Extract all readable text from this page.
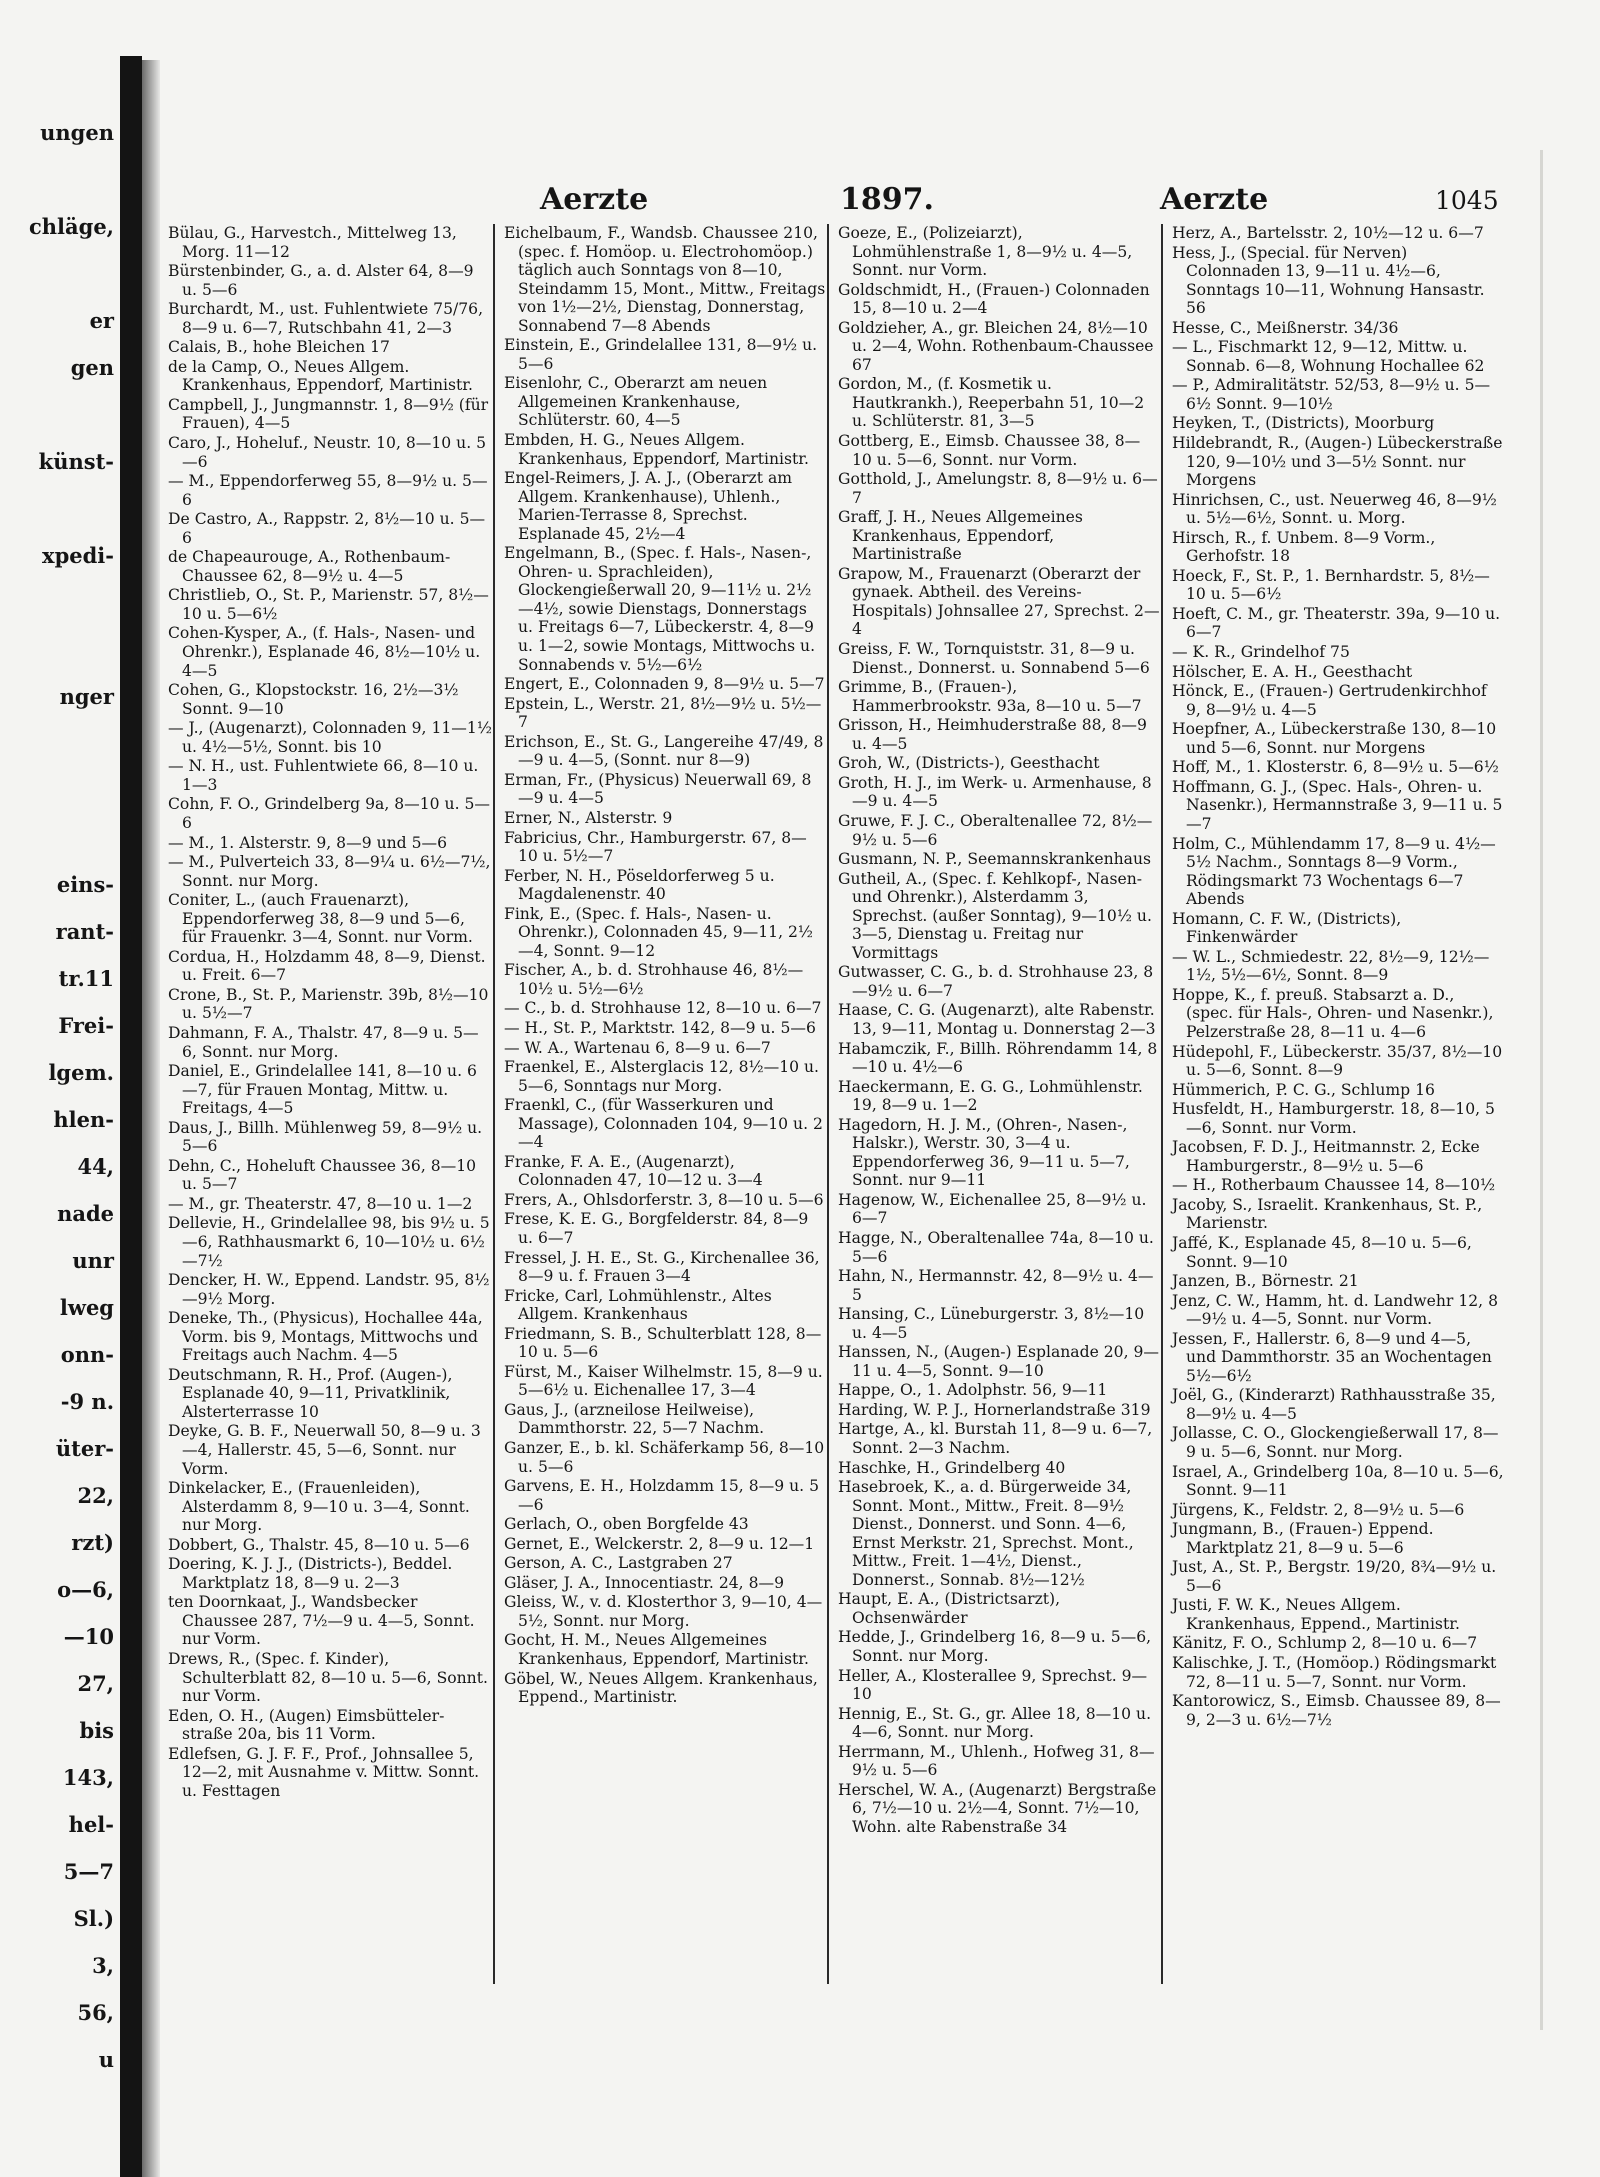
ungen
chläge,
er
gen
künst-
xpedi-
nger
eins-
rant-
tr.11
Frei-
lgem.
hlen-
44,
nade
unr
lweg
onn-
-9 n.
üter-
22,
rzt)
o—6,
—10
27,
bis
143,
hel-
5—7
Sl.)
3,
56,
u
Aerzte	1897.	Aerzte	1045
Bülau, G., Harvestch., Mittelweg 13, Morg. 11—12
Bürstenbinder, G., a. d. Alster 64, 8—9 u. 5—6
Burchardt, M., ust. Fuhlentwiete 75/76, 8—9 u. 6—7, Rutschbahn 41, 2—3
Calais, B., hohe Bleichen 17
de la Camp, O., Neues Allgem. Krankenhaus, Eppendorf, Martinistr.
Campbell, J., Jungmannstr. 1, 8—9½ (für Frauen), 4—5
Caro, J., Hoheluf., Neustr. 10, 8—10 u. 5—6
— M., Eppendorferweg 55, 8—9½ u. 5—6
De Castro, A., Rappstr. 2, 8½—10 u. 5—6
de Chapeaurouge, A., Rothenbaum-Chaussee 62, 8—9½ u. 4—5
Christlieb, O., St. P., Marienstr. 57, 8½—10 u. 5—6½
Cohen-Kysper, A., (f. Hals-, Nasen- und Ohrenkr.), Esplanade 46, 8½—10½ u. 4—5
Cohen, G., Klopstockstr. 16, 2½—3½ Sonnt. 9—10
— J., (Augenarzt), Colonnaden 9, 11—1½ u. 4½—5½, Sonnt. bis 10
— N. H., ust. Fuhlentwiete 66, 8—10 u. 1—3
Cohn, F. O., Grindelberg 9a, 8—10 u. 5—6
— M., 1. Alsterstr. 9, 8—9 und 5—6
— M., Pulverteich 33, 8—9¼ u. 6½—7½, Sonnt. nur Morg.
Coniter, L., (auch Frauenarzt), Eppendorferweg 38, 8—9 und 5—6, für Frauenkr. 3—4, Sonnt. nur Vorm.
Cordua, H., Holzdamm 48, 8—9, Dienst. u. Freit. 6—7
Crone, B., St. P., Marienstr. 39b, 8½—10 u. 5½—7
Dahmann, F. A., Thalstr. 47, 8—9 u. 5—6, Sonnt. nur Morg.
Daniel, E., Grindelallee 141, 8—10 u. 6—7, für Frauen Montag, Mittw. u. Freitags, 4—5
Daus, J., Billh. Mühlenweg 59, 8—9½ u. 5—6
Dehn, C., Hoheluft Chaussee 36, 8—10 u. 5—7
— M., gr. Theaterstr. 47, 8—10 u. 1—2
Dellevie, H., Grindelallee 98, bis 9½ u. 5—6, Rathhausmarkt 6, 10—10½ u. 6½—7½
Dencker, H. W., Eppend. Landstr. 95, 8½—9½ Morg.
Deneke, Th., (Physicus), Hochallee 44a, Vorm. bis 9, Montags, Mittwochs und Freitags auch Nachm. 4—5
Deutschmann, R. H., Prof. (Augen-), Esplanade 40, 9—11, Privatklinik, Alsterterrasse 10
Deyke, G. B. F., Neuerwall 50, 8—9 u. 3—4, Hallerstr. 45, 5—6, Sonnt. nur Vorm.
Dinkelacker, E., (Frauenleiden), Alsterdamm 8, 9—10 u. 3—4, Sonnt. nur Morg.
Dobbert, G., Thalstr. 45, 8—10 u. 5—6
Doering, K. J. J., (Districts-), Beddel. Marktplatz 18, 8—9 u. 2—3
ten Doornkaat, J., Wandsbecker Chaussee 287, 7½—9 u. 4—5, Sonnt. nur Vorm.
Drews, R., (Spec. f. Kinder), Schulterblatt 82, 8—10 u. 5—6, Sonnt. nur Vorm.
Eden, O. H., (Augen) Eimsbütteler-straße 20a, bis 11 Vorm.
Edlefsen, G. J. F. F., Prof., Johnsallee 5, 12—2, mit Ausnahme v. Mittw. Sonnt. u. Festtagen
Eichelbaum, F., Wandsb. Chaussee 210, (spec. f. Homöop. u. Electrohomöop.) täglich auch Sonntags von 8—10, Steindamm 15, Mont., Mittw., Freitags von 1½—2½, Dienstag, Donnerstag, Sonnabend 7—8 Abends
Einstein, E., Grindelallee 131, 8—9½ u. 5—6
Eisenlohr, C., Oberarzt am neuen Allgemeinen Krankenhause, Schlüterstr. 60, 4—5
Embden, H. G., Neues Allgem. Krankenhaus, Eppendorf, Martinistr.
Engel-Reimers, J. A. J., (Oberarzt am Allgem. Krankenhause), Uhlenh., Marien-Terrasse 8, Sprechst. Esplanade 45, 2½—4
Engelmann, B., (Spec. f. Hals-, Nasen-, Ohren- u. Sprachleiden), Glockengießerwall 20, 9—11½ u. 2½—4½, sowie Dienstags, Donnerstags u. Freitags 6—7, Lübeckerstr. 4, 8—9 u. 1—2, sowie Montags, Mittwochs u. Sonnabends v. 5½—6½
Engert, E., Colonnaden 9, 8—9½ u. 5—7
Epstein, L., Werstr. 21, 8½—9½ u. 5½—7
Erichson, E., St. G., Langereihe 47/49, 8—9 u. 4—5, (Sonnt. nur 8—9)
Erman, Fr., (Physicus) Neuerwall 69, 8—9 u. 4—5
Erner, N., Alsterstr. 9
Fabricius, Chr., Hamburgerstr. 67, 8—10 u. 5½—7
Ferber, N. H., Pöseldorferweg 5 u. Magdalenenstr. 40
Fink, E., (Spec. f. Hals-, Nasen- u. Ohrenkr.), Colonnaden 45, 9—11, 2½—4, Sonnt. 9—12
Fischer, A., b. d. Strohhause 46, 8½—10½ u. 5½—6½
— C., b. d. Strohhause 12, 8—10 u. 6—7
— H., St. P., Marktstr. 142, 8—9 u. 5—6
— W. A., Wartenau 6, 8—9 u. 6—7
Fraenkel, E., Alsterglacis 12, 8½—10 u. 5—6, Sonntags nur Morg.
Fraenkl, C., (für Wasserkuren und Massage), Colonnaden 104, 9—10 u. 2—4
Franke, F. A. E., (Augenarzt), Colonnaden 47, 10—12 u. 3—4
Frers, A., Ohlsdorferstr. 3, 8—10 u. 5—6
Frese, K. E. G., Borgfelderstr. 84, 8—9 u. 6—7
Fressel, J. H. E., St. G., Kirchenallee 36, 8—9 u. f. Frauen 3—4
Fricke, Carl, Lohmühlenstr., Altes Allgem. Krankenhaus
Friedmann, S. B., Schulterblatt 128, 8—10 u. 5—6
Fürst, M., Kaiser Wilhelmstr. 15, 8—9 u. 5—6½ u. Eichenallee 17, 3—4
Gaus, J., (arzneilose Heilweise), Dammthorstr. 22, 5—7 Nachm.
Ganzer, E., b. kl. Schäferkamp 56, 8—10 u. 5—6
Garvens, E. H., Holzdamm 15, 8—9 u. 5—6
Gerlach, O., oben Borgfelde 43
Gernet, E., Welckerstr. 2, 8—9 u. 12—1
Gerson, A. C., Lastgraben 27
Gläser, J. A., Innocentiastr. 24, 8—9
Gleiss, W., v. d. Klosterthor 3, 9—10, 4—5½, Sonnt. nur Morg.
Gocht, H. M., Neues Allgemeines Krankenhaus, Eppendorf, Martinistr.
Göbel, W., Neues Allgem. Krankenhaus, Eppend., Martinistr.
Goeze, E., (Polizeiarzt), Lohmühlenstraße 1, 8—9½ u. 4—5, Sonnt. nur Vorm.
Goldschmidt, H., (Frauen-) Colonnaden 15, 8—10 u. 2—4
Goldzieher, A., gr. Bleichen 24, 8½—10 u. 2—4, Wohn. Rothenbaum-Chaussee 67
Gordon, M., (f. Kosmetik u. Hautkrankh.), Reeperbahn 51, 10—2 u. Schlüterstr. 81, 3—5
Gottberg, E., Eimsb. Chaussee 38, 8—10 u. 5—6, Sonnt. nur Vorm.
Gotthold, J., Amelungstr. 8, 8—9½ u. 6—7
Graff, J. H., Neues Allgemeines Krankenhaus, Eppendorf, Martinistraße
Grapow, M., Frauenarzt (Oberarzt der gynaek. Abtheil. des Vereins-Hospitals) Johnsallee 27, Sprechst. 2—4
Greiss, F. W., Tornquiststr. 31, 8—9 u. Dienst., Donnerst. u. Sonnabend 5—6
Grimme, B., (Frauen-), Hammerbrookstr. 93a, 8—10 u. 5—7
Grisson, H., Heimhuderstraße 88, 8—9 u. 4—5
Groh, W., (Districts-), Geesthacht
Groth, H. J., im Werk- u. Armenhause, 8—9 u. 4—5
Gruwe, F. J. C., Oberaltenallee 72, 8½—9½ u. 5—6
Gusmann, N. P., Seemannskrankenhaus
Gutheil, A., (Spec. f. Kehlkopf-, Nasen- und Ohrenkr.), Alsterdamm 3, Sprechst. (außer Sonntag), 9—10½ u. 3—5, Dienstag u. Freitag nur Vormittags
Gutwasser, C. G., b. d. Strohhause 23, 8—9½ u. 6—7
Haase, C. G. (Augenarzt), alte Rabenstr. 13, 9—11, Montag u. Donnerstag 2—3
Habamczik, F., Billh. Röhrendamm 14, 8—10 u. 4½—6
Haeckermann, E. G. G., Lohmühlenstr. 19, 8—9 u. 1—2
Hagedorn, H. J. M., (Ohren-, Nasen-, Halskr.), Werstr. 30, 3—4 u. Eppendorferweg 36, 9—11 u. 5—7, Sonnt. nur 9—11
Hagenow, W., Eichenallee 25, 8—9½ u. 6—7
Hagge, N., Oberaltenallee 74a, 8—10 u. 5—6
Hahn, N., Hermannstr. 42, 8—9½ u. 4—5
Hansing, C., Lüneburgerstr. 3, 8½—10 u. 4—5
Hanssen, N., (Augen-) Esplanade 20, 9—11 u. 4—5, Sonnt. 9—10
Happe, O., 1. Adolphstr. 56, 9—11
Harding, W. P. J., Hornerlandstraße 319
Hartge, A., kl. Burstah 11, 8—9 u. 6—7, Sonnt. 2—3 Nachm.
Haschke, H., Grindelberg 40
Hasebroek, K., a. d. Bürgerweide 34, Sonnt. Mont., Mittw., Freit. 8—9½ Dienst., Donnerst. und Sonn. 4—6, Ernst Merkstr. 21, Sprechst. Mont., Mittw., Freit. 1—4½, Dienst., Donnerst., Sonnab. 8½—12½
Haupt, E. A., (Districtsarzt), Ochsenwärder
Hedde, J., Grindelberg 16, 8—9 u. 5—6, Sonnt. nur Morg.
Heller, A., Klosterallee 9, Sprechst. 9—10
Hennig, E., St. G., gr. Allee 18, 8—10 u. 4—6, Sonnt. nur Morg.
Herrmann, M., Uhlenh., Hofweg 31, 8—9½ u. 5—6
Herschel, W. A., (Augenarzt) Bergstraße 6, 7½—10 u. 2½—4, Sonnt. 7½—10, Wohn. alte Rabenstraße 34
Herz, A., Bartelsstr. 2, 10½—12 u. 6—7
Hess, J., (Special. für Nerven) Colonnaden 13, 9—11 u. 4½—6, Sonntags 10—11, Wohnung Hansastr. 56
Hesse, C., Meißnerstr. 34/36
— L., Fischmarkt 12, 9—12, Mittw. u. Sonnab. 6—8, Wohnung Hochallee 62
— P., Admiralitätstr. 52/53, 8—9½ u. 5—6½ Sonnt. 9—10½
Heyken, T., (Districts), Moorburg
Hildebrandt, R., (Augen-) Lübeckerstraße 120, 9—10½ und 3—5½ Sonnt. nur Morgens
Hinrichsen, C., ust. Neuerweg 46, 8—9½ u. 5½—6½, Sonnt. u. Morg.
Hirsch, R., f. Unbem. 8—9 Vorm., Gerhofstr. 18
Hoeck, F., St. P., 1. Bernhardstr. 5, 8½—10 u. 5—6½
Hoeft, C. M., gr. Theaterstr. 39a, 9—10 u. 6—7
— K. R., Grindelhof 75
Hölscher, E. A. H., Geesthacht
Hönck, E., (Frauen-) Gertrudenkirchhof 9, 8—9½ u. 4—5
Hoepfner, A., Lübeckerstraße 130, 8—10 und 5—6, Sonnt. nur Morgens
Hoff, M., 1. Klosterstr. 6, 8—9½ u. 5—6½
Hoffmann, G. J., (Spec. Hals-, Ohren- u. Nasenkr.), Hermannstraße 3, 9—11 u. 5—7
Holm, C., Mühlendamm 17, 8—9 u. 4½—5½ Nachm., Sonntags 8—9 Vorm., Rödingsmarkt 73 Wochentags 6—7 Abends
Homann, C. F. W., (Districts), Finkenwärder
— W. L., Schmiedestr. 22, 8½—9, 12½—1½, 5½—6½, Sonnt. 8—9
Hoppe, K., f. preuß. Stabsarzt a. D., (spec. für Hals-, Ohren- und Nasenkr.), Pelzerstraße 28, 8—11 u. 4—6
Hüdepohl, F., Lübeckerstr. 35/37, 8½—10 u. 5—6, Sonnt. 8—9
Hümmerich, P. C. G., Schlump 16
Husfeldt, H., Hamburgerstr. 18, 8—10, 5—6, Sonnt. nur Vorm.
Jacobsen, F. D. J., Heitmannstr. 2, Ecke Hamburgerstr., 8—9½ u. 5—6
— H., Rotherbaum Chaussee 14, 8—10½
Jacoby, S., Israelit. Krankenhaus, St. P., Marienstr.
Jaffé, K., Esplanade 45, 8—10 u. 5—6, Sonnt. 9—10
Janzen, B., Börnestr. 21
Jenz, C. W., Hamm, ht. d. Landwehr 12, 8—9½ u. 4—5, Sonnt. nur Vorm.
Jessen, F., Hallerstr. 6, 8—9 und 4—5, und Dammthorstr. 35 an Wochentagen 5½—6½
Joël, G., (Kinderarzt) Rathhausstraße 35, 8—9½ u. 4—5
Jollasse, C. O., Glockengießerwall 17, 8—9 u. 5—6, Sonnt. nur Morg.
Israel, A., Grindelberg 10a, 8—10 u. 5—6, Sonnt. 9—11
Jürgens, K., Feldstr. 2, 8—9½ u. 5—6
Jungmann, B., (Frauen-) Eppend. Marktplatz 21, 8—9 u. 5—6
Just, A., St. P., Bergstr. 19/20, 8¾—9½ u. 5—6
Justi, F. W. K., Neues Allgem. Krankenhaus, Eppend., Martinistr.
Känitz, F. O., Schlump 2, 8—10 u. 6—7
Kalischke, J. T., (Homöop.) Rödingsmarkt 72, 8—11 u. 5—7, Sonnt. nur Vorm.
Kantorowicz, S., Eimsb. Chaussee 89, 8—9, 2—3 u. 6½—7½
